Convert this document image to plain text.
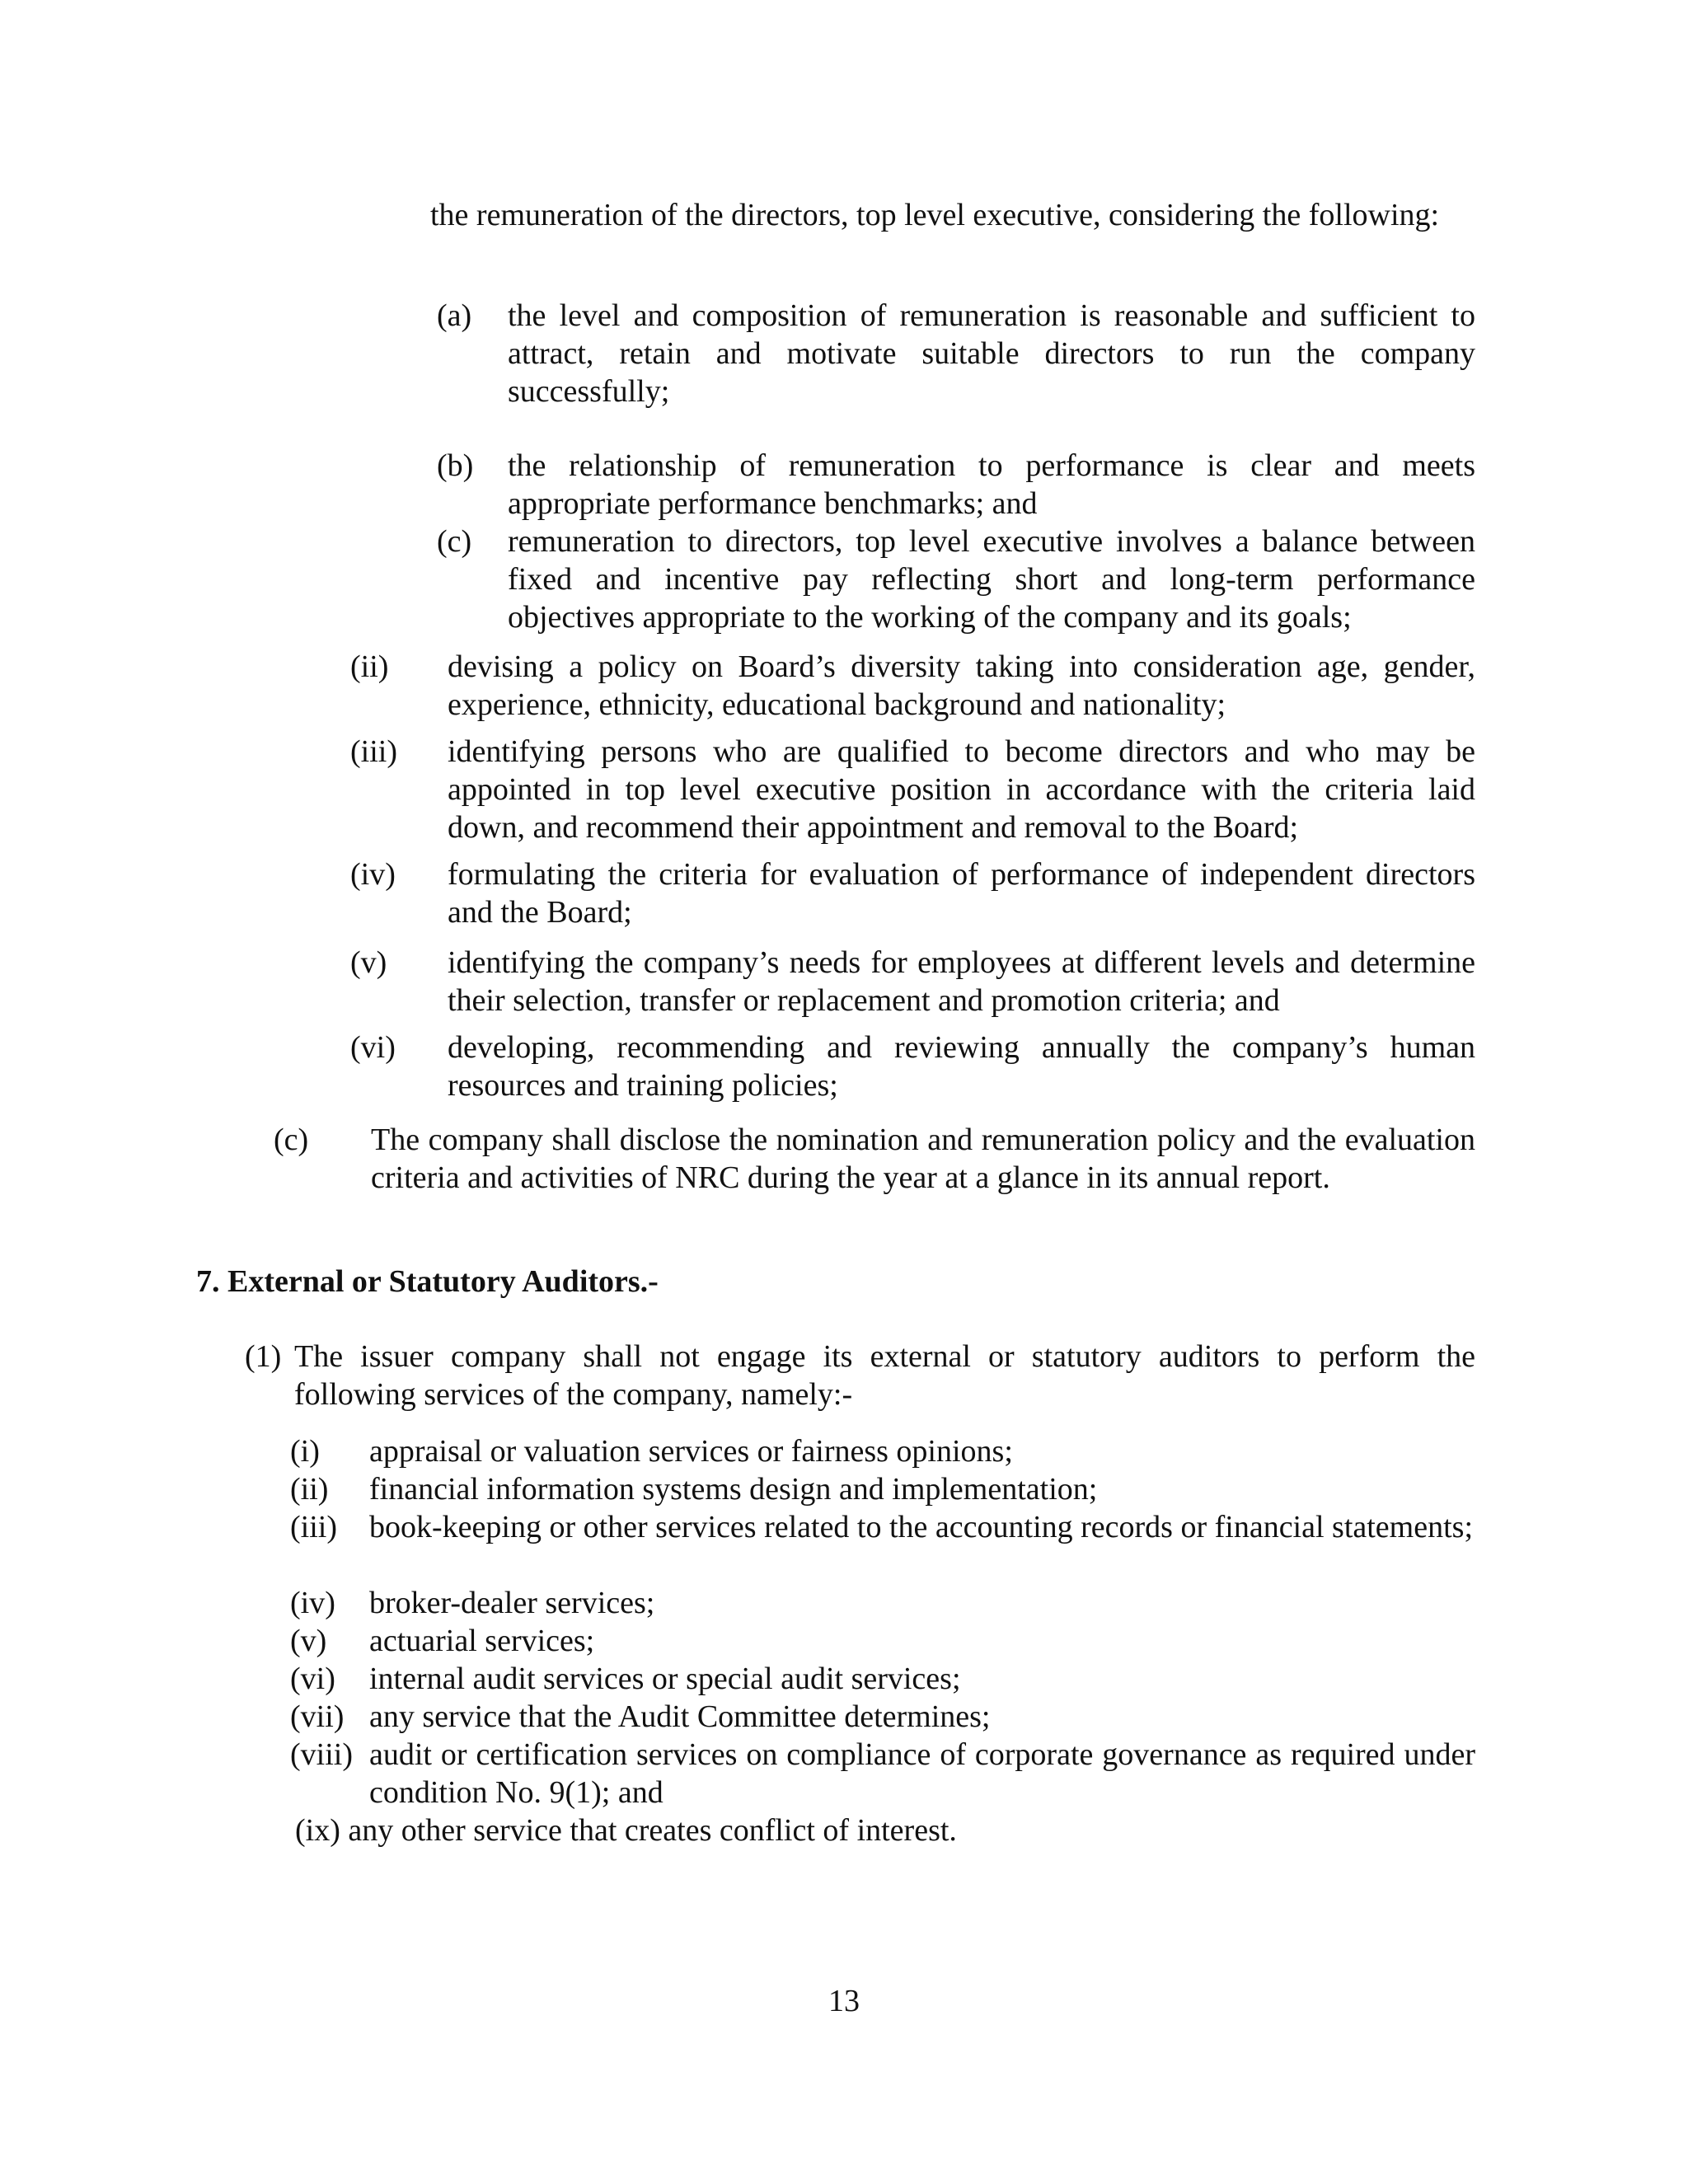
the remuneration of the directors, top level executive, considering the following:
(a)	the level and composition of remuneration is reasonable and sufficient to attract, retain and motivate suitable directors to run the company successfully;
(b)	the relationship of remuneration to performance is clear and meets appropriate performance benchmarks; and
(c)	remuneration to directors, top level executive involves a balance between fixed and incentive pay reflecting short and long-term performance objectives appropriate to the working of the company and its goals;
(ii)	devising a policy on Board’s diversity taking into consideration age, gender, experience, ethnicity, educational background and nationality;
(iii)	identifying persons who are qualified to become directors and who may be appointed in top level executive position in accordance with the criteria laid down, and recommend their appointment and removal to the Board;
(iv)	formulating the criteria for evaluation of performance of independent directors and the Board;
(v)	identifying the company’s needs for employees at different levels and determine their selection, transfer or replacement and promotion criteria; and
(vi)	developing, recommending and reviewing annually the company’s human resources and training policies;
(c)	The company shall disclose the nomination and remuneration policy and the evaluation criteria and activities of NRC during the year at a glance in its annual report.
7. External or Statutory Auditors.-
(1) The issuer company shall not engage its external or statutory auditors to perform the following services of the company, namely:-
(i)	appraisal or valuation services or fairness opinions;
(ii)	financial information systems design and implementation;
(iii)	book-keeping or other services related to the accounting records or financial statements;
(iv)	broker-dealer services;
(v)	actuarial services;
(vi)	internal audit services or special audit services;
(vii) any service that the Audit Committee determines;
(viii) audit or certification services on compliance of corporate governance as required under condition No. 9(1); and
(ix) any other service that creates conflict of interest.
13
